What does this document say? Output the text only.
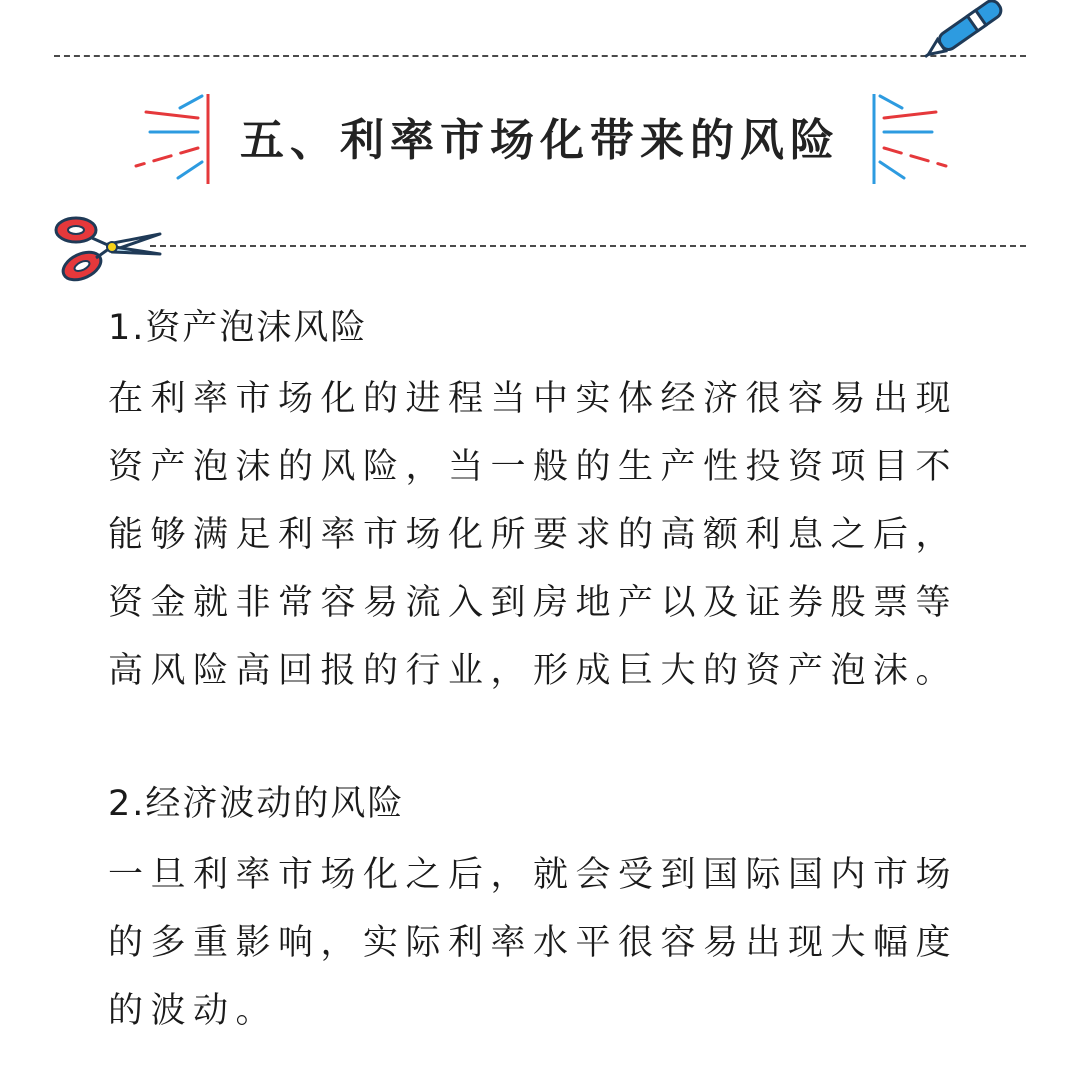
五、利率市场化带来的风险

1.资产泡沫风险

在利率市场化的进程当中实体经济很容易出现资产泡沫的风险，当一般的生产性投资项目不能够满足利率市场化所要求的高额利息之后，资金就非常容易流入到房地产以及证券股票等高风险高回报的行业，形成巨大的资产泡沫。

2.经济波动的风险

一旦利率市场化之后，就会受到国际国内市场的多重影响，实际利率水平很容易出现大幅度的波动。
